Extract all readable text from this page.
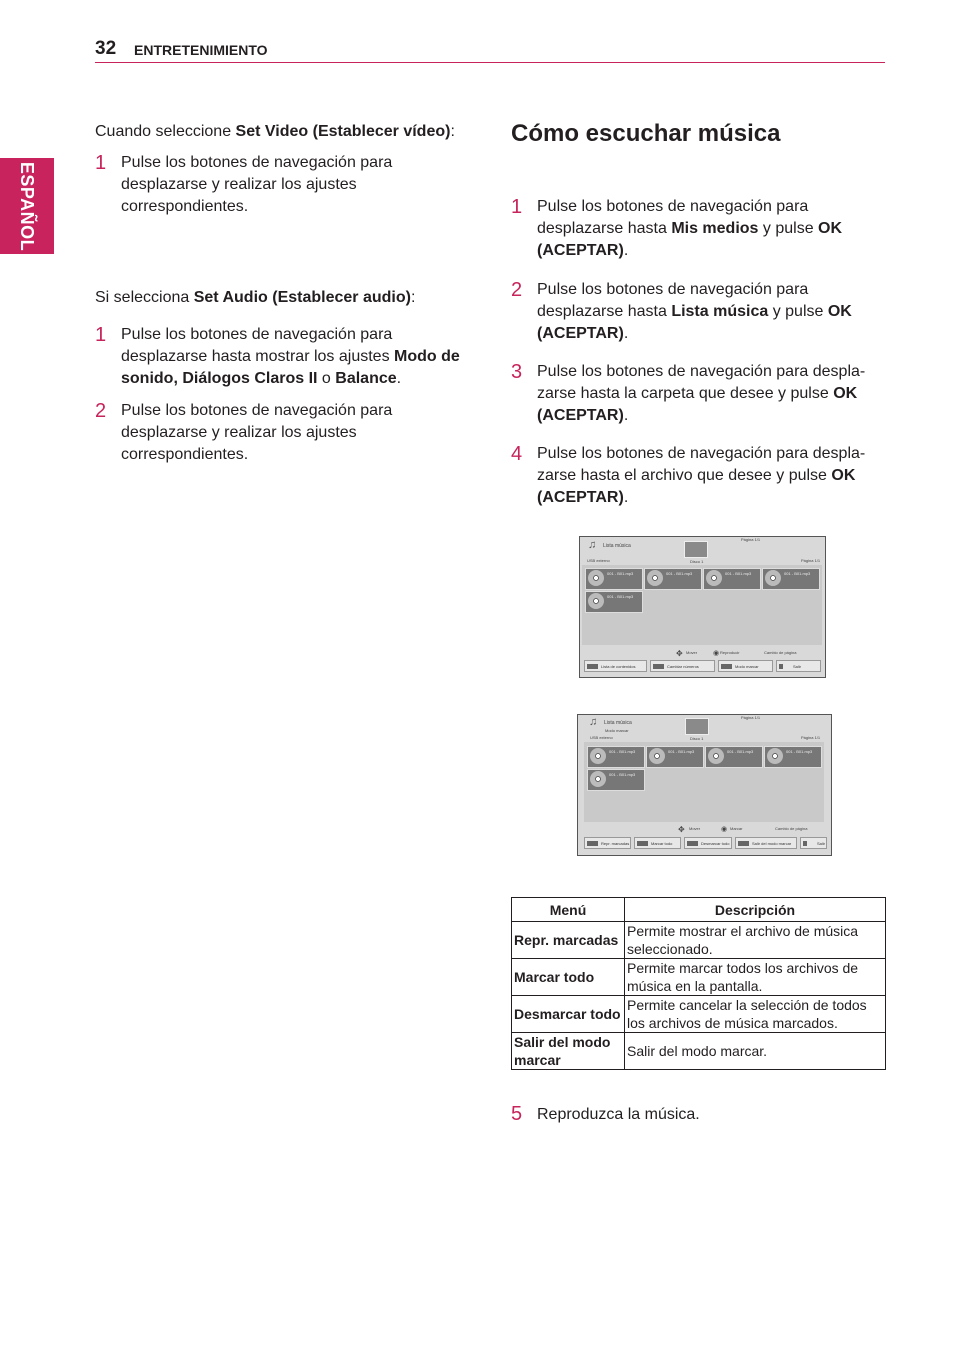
32 ENTRETENIMIENTO
ESPAÑOL
Cuando seleccione Set Video (Establecer vídeo):
1 Pulse los botones de navegación para desplazarse y realizar los ajustes correspondientes.
Si selecciona Set Audio (Establecer audio):
1 Pulse los botones de navegación para desplazarse hasta mostrar los ajustes Modo de sonido, Diálogos Claros II o Balance.
2 Pulse los botones de navegación para desplazarse y realizar los ajustes correspondientes.
Cómo escuchar música
1 Pulse los botones de navegación para desplazarse hasta Mis medios y pulse OK (ACEPTAR).
2 Pulse los botones de navegación para desplazarse hasta Lista música y pulse OK (ACEPTAR).
3 Pulse los botones de navegación para despla-zarse hasta la carpeta que desee y pulse OK (ACEPTAR).
4 Pulse los botones de navegación para despla-zarse hasta el archivo que desee y pulse OK (ACEPTAR).
♫ Lista música
Página 1/1
USB externo	Disco 1	Página 1/1
001 - B01.mp3	001 - B01.mp3	001 - B01.mp3	001 - B01.mp3
001 - B01.mp3
✥ Mover ◉ Reproducir	Cambio de página
Lista de contenidos	Cambiar números	Modo marcar	Salir
♫ Lista música
Modo marcar
Página 1/1
USB externo	Disco 1	Página 1/1
001 - B01.mp3	001 - B01.mp3	001 - B01.mp3	001 - B01.mp3
001 - B01.mp3
✥ Mover	◉ Marcar	Cambio de página
Repr. marcadas	Marcar todo	Desmarcar todo	Salir del modo marcar	Salir
Menú	Descripción
Repr. marcadas	Permite mostrar el archivo de música seleccionado.
Marcar todo	Permite marcar todos los archivos de música en la pantalla.
Desmarcar todo	Permite cancelar la selección de todos los archivos de música marcados.
Salir del modo marcar	Salir del modo marcar.
5 Reproduzca la música.
